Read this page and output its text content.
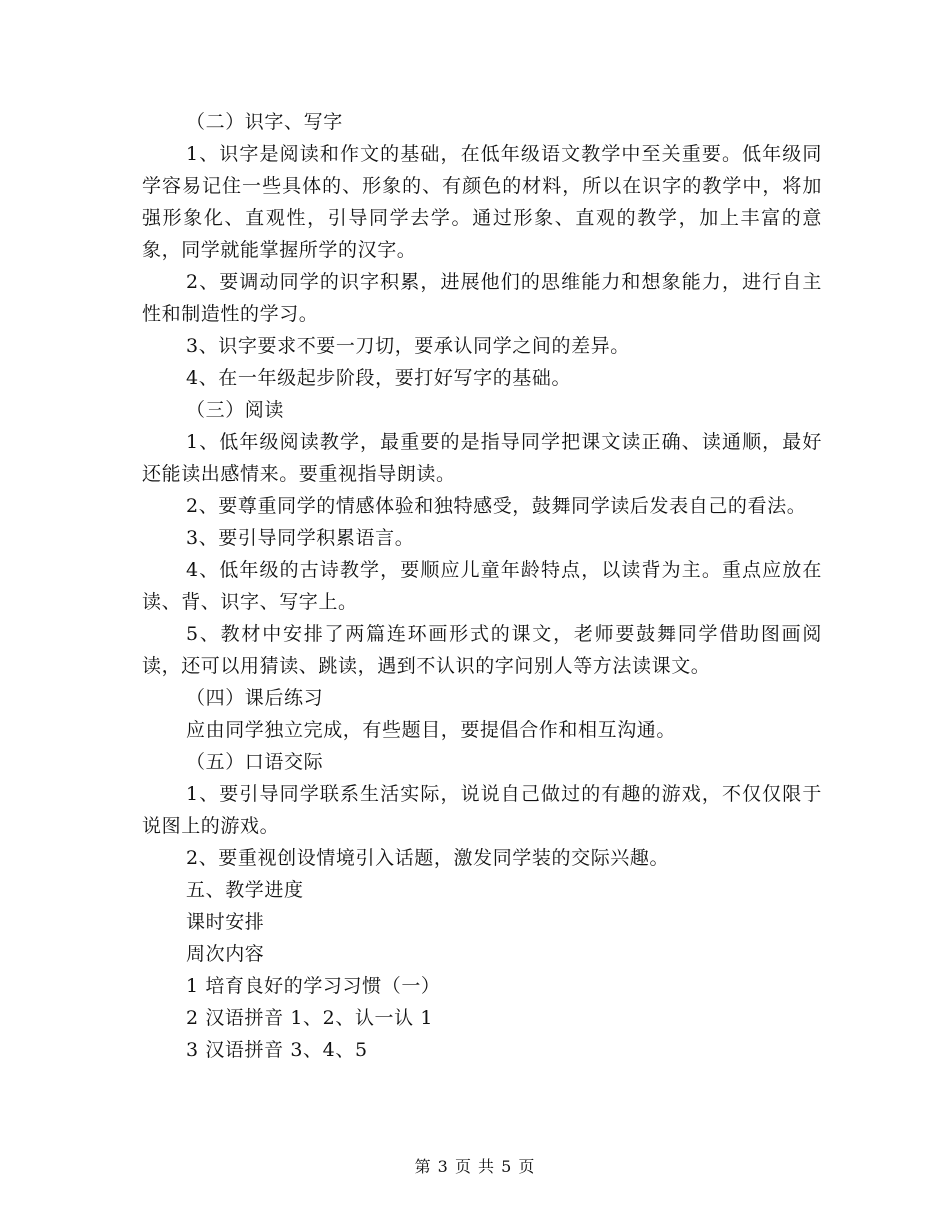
（二）识字、写字

1、识字是阅读和作文的基础，在低年级语文教学中至关重要。低年级同学容易记住一些具体的、形象的、有颜色的材料，所以在识字的教学中，将加强形象化、直观性，引导同学去学。通过形象、直观的教学，加上丰富的意象，同学就能掌握所学的汉字。

2、要调动同学的识字积累，进展他们的思维能力和想象能力，进行自主性和制造性的学习。

3、识字要求不要一刀切，要承认同学之间的差异。

4、在一年级起步阶段，要打好写字的基础。

（三）阅读

1、低年级阅读教学，最重要的是指导同学把课文读正确、读通顺，最好还能读出感情来。要重视指导朗读。

2、要尊重同学的情感体验和独特感受，鼓舞同学读后发表自己的看法。

3、要引导同学积累语言。

4、低年级的古诗教学，要顺应儿童年龄特点，以读背为主。重点应放在读、背、识字、写字上。

5、教材中安排了两篇连环画形式的课文，老师要鼓舞同学借助图画阅读，还可以用猜读、跳读，遇到不认识的字问别人等方法读课文。

（四）课后练习

应由同学独立完成，有些题目，要提倡合作和相互沟通。

（五）口语交际

1、要引导同学联系生活实际，说说自己做过的有趣的游戏，不仅仅限于说图上的游戏。

2、要重视创设情境引入话题，激发同学装的交际兴趣。

五、教学进度

课时安排

周次内容

1 培育良好的学习习惯（一）

2 汉语拼音 1、2、认一认 1

3 汉语拼音 3、4、5

第 3 页 共 5 页
